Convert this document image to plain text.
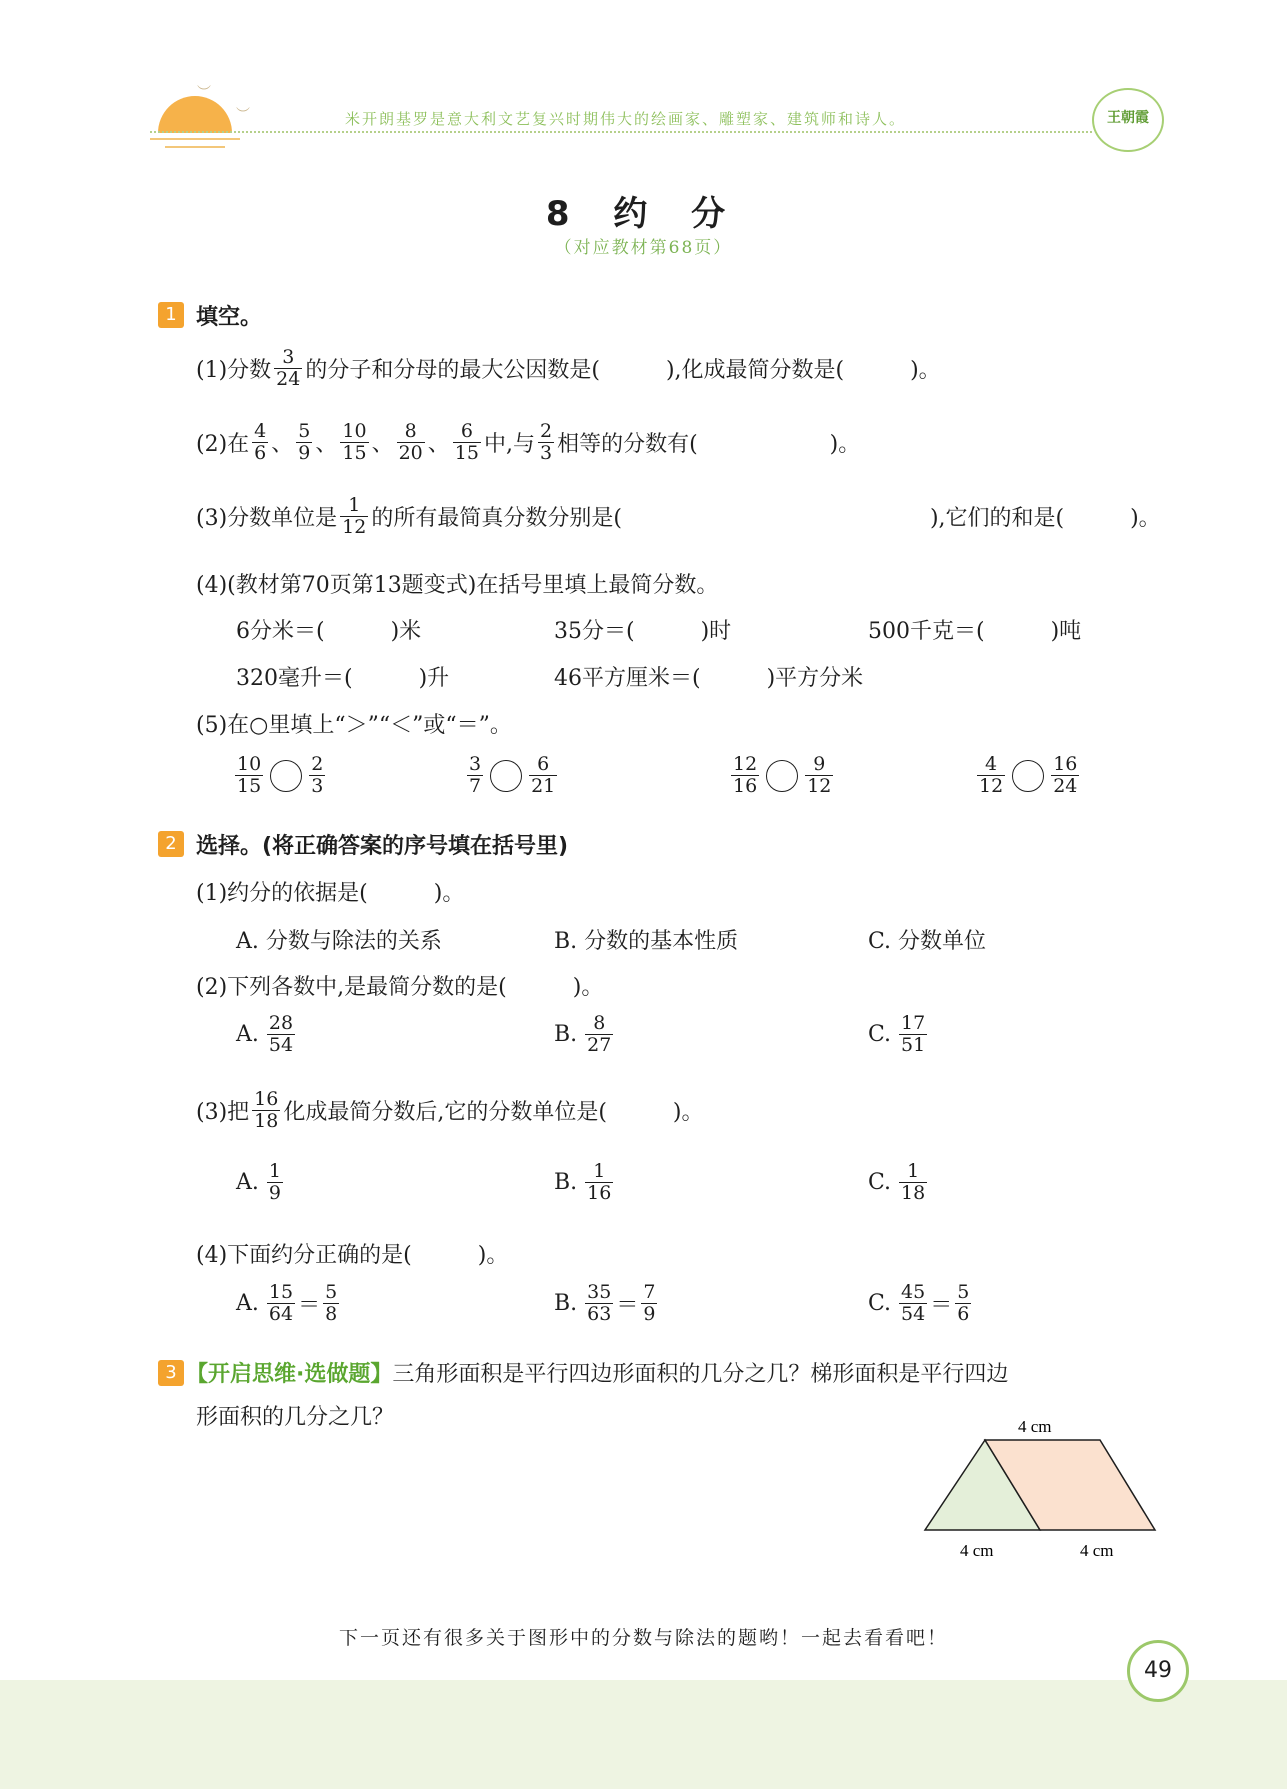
︶
︶	米开朗基罗是意大利文艺复兴时期伟大的绘画家、雕塑家、建筑师和诗人。	王朝霞
8 约 分
（对应教材第68页）
1 填空。
(1)分数 $\frac{3}{24}$ 的分子和分母的最大公因数是(　　　),化成最简分数是(　　　)。
(2)在 $\frac{4}{6}$ 、 $\frac{5}{9}$ 、 $\frac{10}{15}$ 、 $\frac{8}{20}$ 、 $\frac{6}{15}$ 中,与 $\frac{2}{3}$ 相等的分数有(　　　　　　)。
(3)分数单位是 $\frac{1}{12}$ 的所有最简真分数分别是(　　　　　　　　　　　　　　),它们的和是(　　　)。
(4)(教材第70页第13题变式)在括号里填上最简分数。
6分米＝(　　　)米	35分＝(　　　)时	500千克＝(　　　)吨
320毫升＝(　　　)升	46平方厘米＝(　　　)平方分米
(5)在○里填上“＞”“＜”或“＝”。
$\frac{10}{15} \frac{2}{3}$	$\frac{3}{7} \frac{6}{21}$	$\frac{12}{16} \frac{9}{12}$	$\frac{4}{12} \frac{16}{24}$
2 选择。(将正确答案的序号填在括号里)
(1)约分的依据是(　　　)。
A. 分数与除法的关系	B. 分数的基本性质	C. 分数单位
(2)下列各数中,是最简分数的是(　　　)。
A. $\frac{28}{54}$	B. $\frac{8}{27}$	C. $\frac{17}{51}$
(3)把 $\frac{16}{18}$ 化成最简分数后,它的分数单位是(　　　)。
A. $\frac{1}{9}$	B. $\frac{1}{16}$	C. $\frac{1}{18}$
(4)下面约分正确的是(　　　)。
A. $\frac{15}{64} = \frac{5}{8}$	B. $\frac{35}{63} = \frac{7}{9}$	C. $\frac{45}{54} = \frac{5}{6}$
3 【开启思维·选做题】 三角形面积是平行四边形面积的几分之几？梯形面积是平行四边
形面积的几分之几？	4 cm
4 cm	4 cm
下一页还有很多关于图形中的分数与除法的题哟！一起去看看吧！
49
